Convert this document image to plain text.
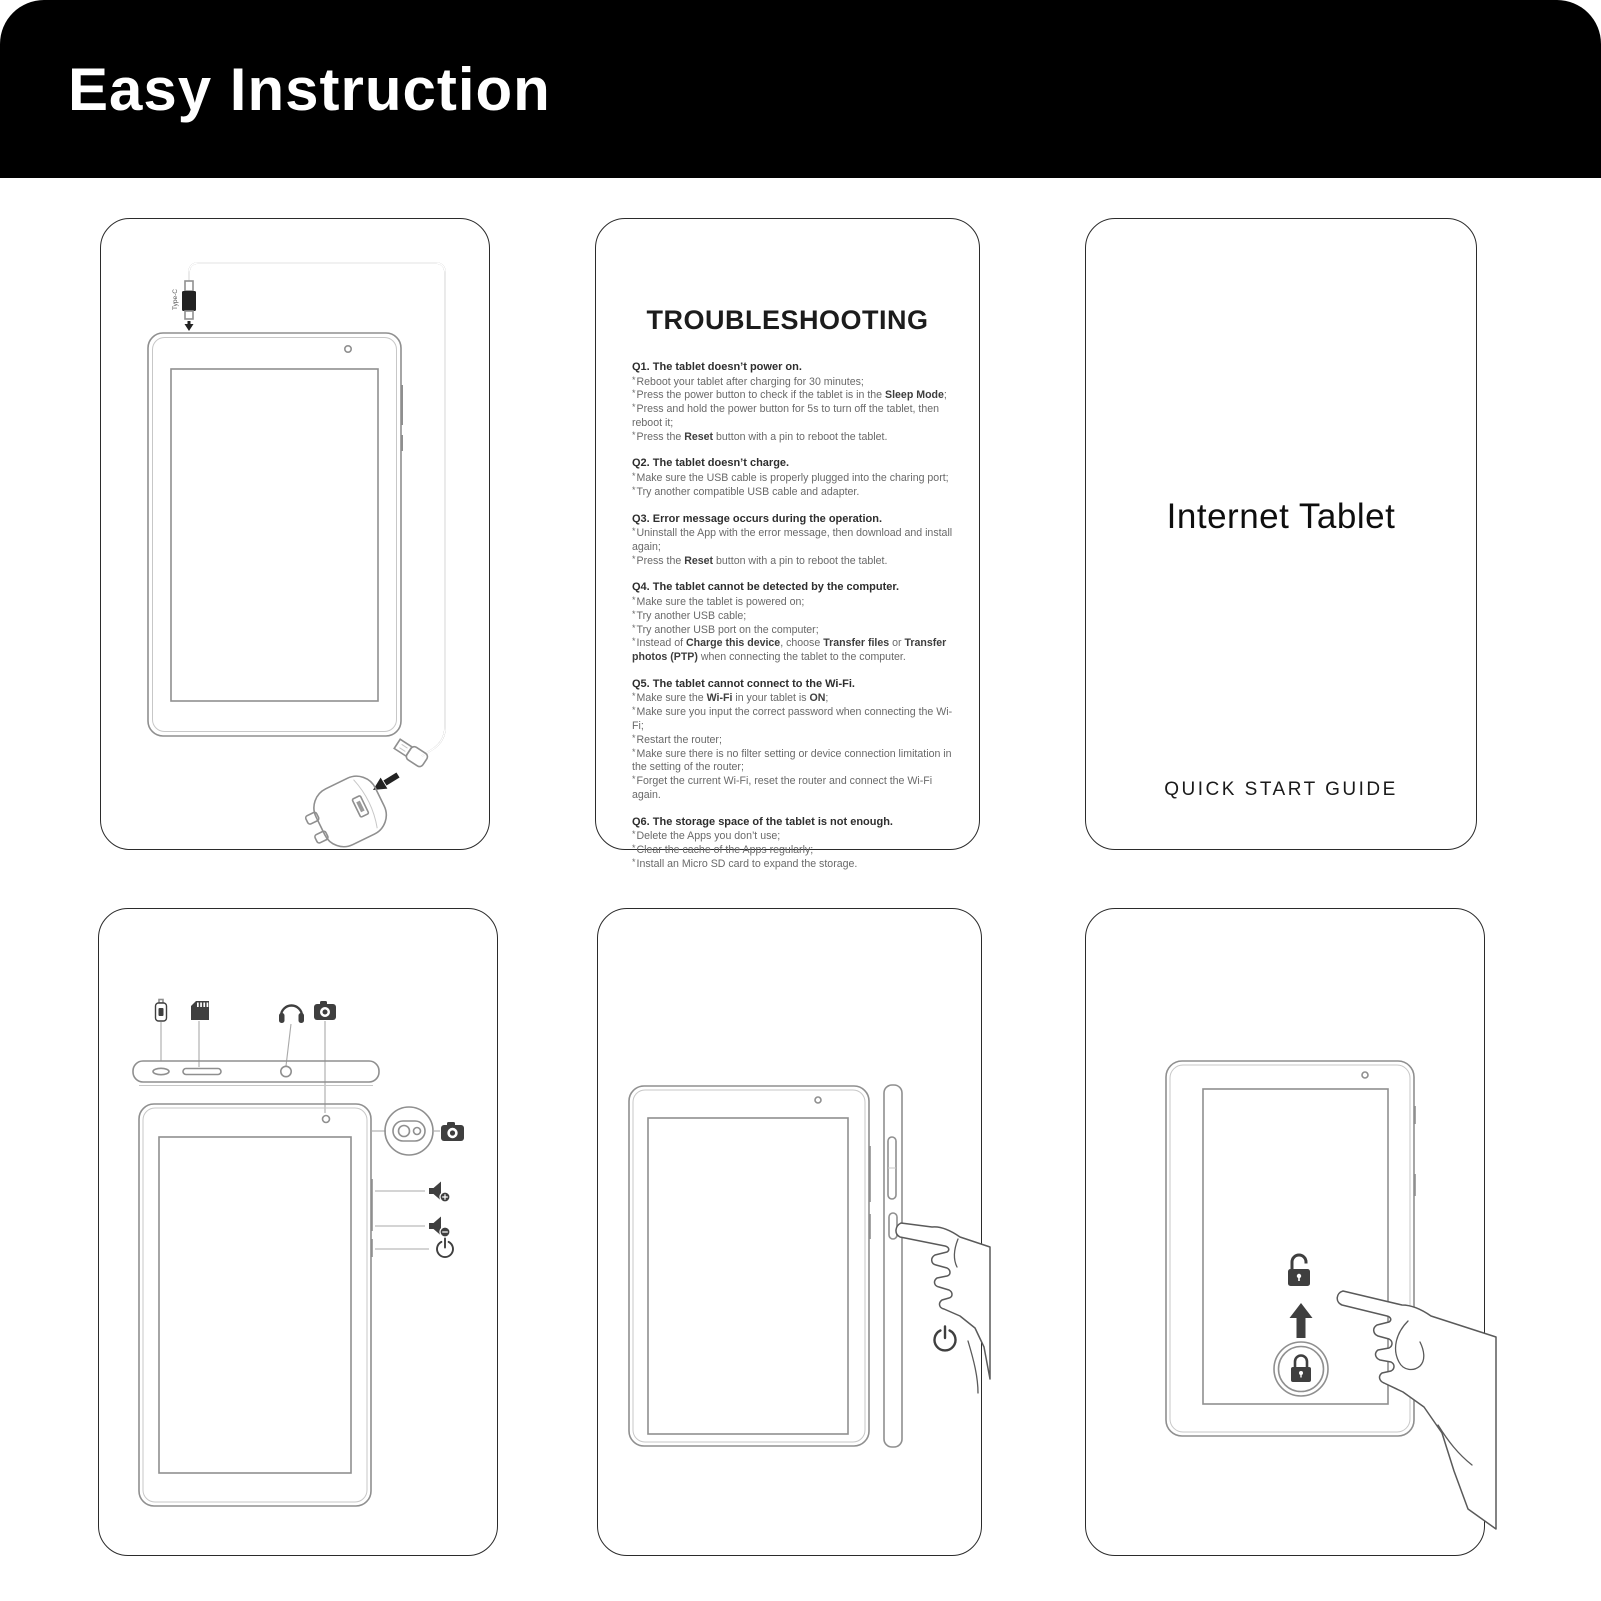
Easy Instruction
Type-C
TROUBLESHOOTING
Q1. The tablet doesn’t power on.
*Reboot your tablet after charging for 30 minutes;
*Press the power button to check if the tablet is in the Sleep Mode;
*Press and hold the power button for 5s to turn off the tablet, then reboot it;
*Press the Reset button with a pin to reboot the tablet.
Q2. The tablet doesn’t charge.
*Make sure the USB cable is properly plugged into the charing port;
*Try another compatible USB cable and adapter.
Q3. Error message occurs during the operation.
*Uninstall the App with the error message, then download and install again;
*Press the Reset button with a pin to reboot the tablet.
Q4. The tablet cannot be detected by the computer.
*Make sure the tablet is powered on;
*Try another USB cable;
*Try another USB port on the computer;
*Instead of Charge this device, choose Transfer files or Transfer photos (PTP) when connecting the tablet to the computer.
Q5. The tablet cannot connect to the Wi-Fi.
*Make sure the Wi-Fi in your tablet is ON;
*Make sure you input the correct password when connecting the Wi-Fi;
*Restart the router;
*Make sure there is no filter setting or device connection limitation in the setting of the router;
*Forget the current Wi-Fi, reset the router and connect the Wi-Fi again.
Q6. The storage space of the tablet is not enough.
*Delete the Apps you don’t use;
*Clear the cache of the Apps regularly;
*Install an Micro SD card to expand the storage.
Internet Tablet
QUICK START GUIDE
